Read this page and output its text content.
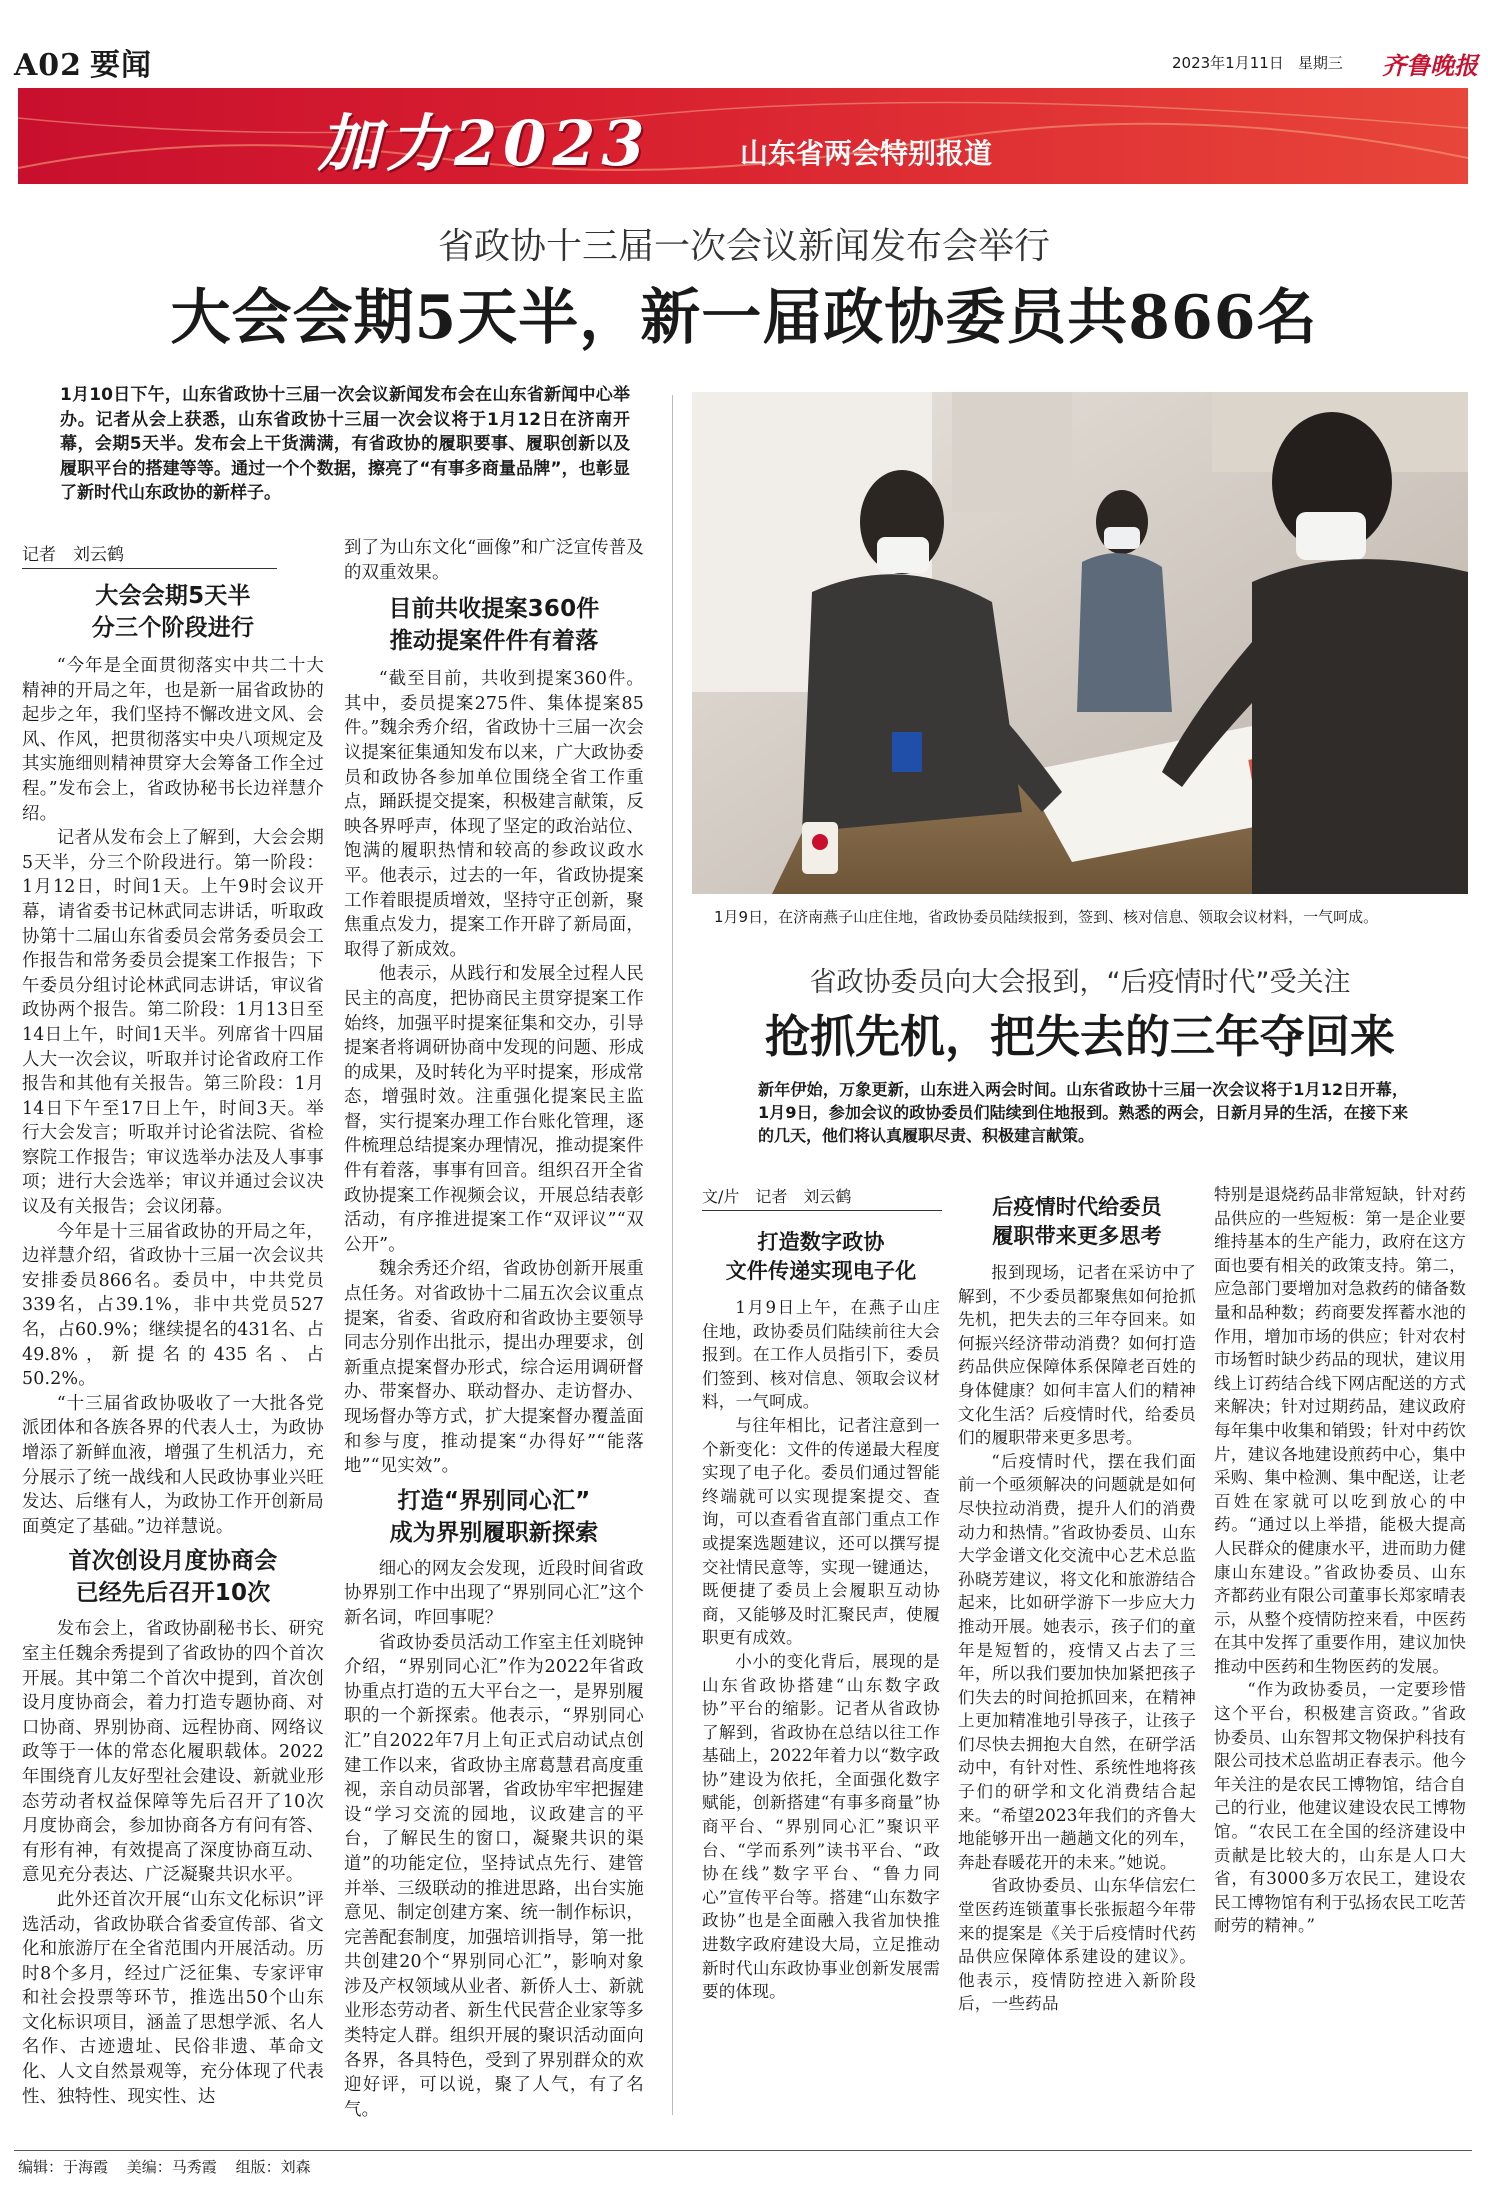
A02 要闻	2023年1月11日 星期三 齐鲁晚报
加力2023	山东省两会特别报道
省政协十三届一次会议新闻发布会举行
大会会期5天半，新一届政协委员共866名
1月10日下午，山东省政协十三届一次会议新闻发布会在山东省新闻中心举办。记者从会上获悉，山东省政协十三届一次会议将于1月12日在济南开幕，会期5天半。发布会上干货满满，有省政协的履职要事、履职创新以及履职平台的搭建等等。通过一个个数据，擦亮了“有事多商量品牌”，也彰显了新时代山东政协的新样子。
记者　刘云鹤
大会会期5天半
分三个阶段进行

“今年是全面贯彻落实中共二十大精神的开局之年，也是新一届省政协的起步之年，我们坚持不懈改进文风、会风、作风，把贯彻落实中央八项规定及其实施细则精神贯穿大会筹备工作全过程。”发布会上，省政协秘书长边祥慧介绍。

记者从发布会上了解到，大会会期5天半，分三个阶段进行。第一阶段：1月12日，时间1天。上午9时会议开幕，请省委书记林武同志讲话，听取政协第十二届山东省委员会常务委员会工作报告和常务委员会提案工作报告；下午委员分组讨论林武同志讲话，审议省政协两个报告。第二阶段：1月13日至14日上午，时间1天半。列席省十四届人大一次会议，听取并讨论省政府工作报告和其他有关报告。第三阶段：1月14日下午至17日上午，时间3天。举行大会发言；听取并讨论省法院、省检察院工作报告；审议选举办法及人事事项；进行大会选举；审议并通过会议决议及有关报告；会议闭幕。

今年是十三届省政协的开局之年，边祥慧介绍，省政协十三届一次会议共安排委员866名。委员中，中共党员339名，占39.1%，非中共党员527名，占60.9%；继续提名的431名、占49.8%，新提名的435名、占50.2%。

“十三届省政协吸收了一大批各党派团体和各族各界的代表人士，为政协增添了新鲜血液，增强了生机活力，充分展示了统一战线和人民政协事业兴旺发达、后继有人，为政协工作开创新局面奠定了基础。”边祥慧说。

首次创设月度协商会
已经先后召开10次

发布会上，省政协副秘书长、研究室主任魏余秀提到了省政协的四个首次开展。其中第二个首次中提到，首次创设月度协商会，着力打造专题协商、对口协商、界别协商、远程协商、网络议政等于一体的常态化履职载体。2022年围绕育儿友好型社会建设、新就业形态劳动者权益保障等先后召开了10次月度协商会，参加协商各方有问有答、有形有神，有效提高了深度协商互动、意见充分表达、广泛凝聚共识水平。

此外还首次开展“山东文化标识”评选活动，省政协联合省委宣传部、省文化和旅游厅在全省范围内开展活动。历时8个多月，经过广泛征集、专家评审和社会投票等环节，推选出50个山东文化标识项目，涵盖了思想学派、名人名作、古迹遗址、民俗非遗、革命文化、人文自然景观等，充分体现了代表性、独特性、现实性、达

到了为山东文化“画像”和广泛宣传普及的双重效果。

目前共收提案360件
推动提案件件有着落

“截至目前，共收到提案360件。其中，委员提案275件、集体提案85件。”魏余秀介绍，省政协十三届一次会议提案征集通知发布以来，广大政协委员和政协各参加单位围绕全省工作重点，踊跃提交提案，积极建言献策，反映各界呼声，体现了坚定的政治站位、饱满的履职热情和较高的参政议政水平。他表示，过去的一年，省政协提案工作着眼提质增效，坚持守正创新，聚焦重点发力，提案工作开辟了新局面，取得了新成效。

他表示，从践行和发展全过程人民民主的高度，把协商民主贯穿提案工作始终，加强平时提案征集和交办，引导提案者将调研协商中发现的问题、形成的成果，及时转化为平时提案，形成常态，增强时效。注重强化提案民主监督，实行提案办理工作台账化管理，逐件梳理总结提案办理情况，推动提案件件有着落，事事有回音。组织召开全省政协提案工作视频会议，开展总结表彰活动，有序推进提案工作“双评议”“双公开”。

魏余秀还介绍，省政协创新开展重点任务。对省政协十二届五次会议重点提案，省委、省政府和省政协主要领导同志分别作出批示，提出办理要求，创新重点提案督办形式，综合运用调研督办、带案督办、联动督办、走访督办、现场督办等方式，扩大提案督办覆盖面和参与度，推动提案“办得好”“能落地”“见实效”。

打造“界别同心汇”
成为界别履职新探索

细心的网友会发现，近段时间省政协界别工作中出现了“界别同心汇”这个新名词，咋回事呢？

省政协委员活动工作室主任刘晓钟介绍，“界别同心汇”作为2022年省政协重点打造的五大平台之一，是界别履职的一个新探索。他表示，“界别同心汇”自2022年7月上旬正式启动试点创建工作以来，省政协主席葛慧君高度重视，亲自动员部署，省政协牢牢把握建设“学习交流的园地，议政建言的平台，了解民生的窗口，凝聚共识的渠道”的功能定位，坚持试点先行、建管并举、三级联动的推进思路，出台实施意见、制定创建方案、统一制作标识，完善配套制度，加强培训指导，第一批共创建20个“界别同心汇”，影响对象涉及产权领域从业者、新侨人士、新就业形态劳动者、新生代民营企业家等多类特定人群。组织开展的聚识活动面向各界，各具特色，受到了界别群众的欢迎好评，可以说，聚了人气，有了名气。

1月9日，在济南燕子山庄住地，省政协委员陆续报到，签到、核对信息、领取会议材料，一气呵成。
省政协委员向大会报到，“后疫情时代”受关注
抢抓先机，把失去的三年夺回来
新年伊始，万象更新，山东进入两会时间。山东省政协十三届一次会议将于1月12日开幕，1月9日，参加会议的政协委员们陆续到住地报到。熟悉的两会，日新月异的生活，在接下来的几天，他们将认真履职尽责、积极建言献策。
文/片　记者　刘云鹤
打造数字政协
文件传递实现电子化

1月9日上午，在燕子山庄住地，政协委员们陆续前往大会报到。在工作人员指引下，委员们签到、核对信息、领取会议材料，一气呵成。

与往年相比，记者注意到一个新变化：文件的传递最大程度实现了电子化。委员们通过智能终端就可以实现提案提交、查询，可以查看省直部门重点工作或提案选题建议，还可以撰写提交社情民意等，实现一键通达，既便捷了委员上会履职互动协商，又能够及时汇聚民声，使履职更有成效。

小小的变化背后，展现的是山东省政协搭建“山东数字政协”平台的缩影。记者从省政协了解到，省政协在总结以往工作基础上，2022年着力以“数字政协”建设为依托，全面强化数字赋能，创新搭建“有事多商量”协商平台、“界别同心汇”聚识平台、“学而系列”读书平台、“政协在线”数字平台、“鲁力同心”宣传平台等。搭建“山东数字政协”也是全面融入我省加快推进数字政府建设大局，立足推动新时代山东政协事业创新发展需要的体现。

后疫情时代给委员
履职带来更多思考

报到现场，记者在采访中了解到，不少委员都聚焦如何抢抓先机，把失去的三年夺回来。如何振兴经济带动消费？如何打造药品供应保障体系保障老百姓的身体健康？如何丰富人们的精神文化生活？后疫情时代，给委员们的履职带来更多思考。

“后疫情时代，摆在我们面前一个亟须解决的问题就是如何尽快拉动消费，提升人们的消费动力和热情。”省政协委员、山东大学金谱文化交流中心艺术总监孙晓芳建议，将文化和旅游结合起来，比如研学游下一步应大力推动开展。她表示，孩子们的童年是短暂的，疫情又占去了三年，所以我们要加快加紧把孩子们失去的时间抢抓回来，在精神上更加精准地引导孩子，让孩子们尽快去拥抱大自然，在研学活动中，有针对性、系统性地将孩子们的研学和文化消费结合起来。“希望2023年我们的齐鲁大地能够开出一趟趟文化的列车，奔赴春暖花开的未来。”她说。

省政协委员、山东华信宏仁堂医药连锁董事长张振超今年带来的提案是《关于后疫情时代药品供应保障体系建设的建议》。他表示，疫情防控进入新阶段后，一些药品

特别是退烧药品非常短缺，针对药品供应的一些短板：第一是企业要维持基本的生产能力，政府在这方面也要有相关的政策支持。第二，应急部门要增加对急救药的储备数量和品种数；药商要发挥蓄水池的作用，增加市场的供应；针对农村市场暂时缺少药品的现状，建议用线上订药结合线下网店配送的方式来解决；针对过期药品，建议政府每年集中收集和销毁；针对中药饮片，建议各地建设煎药中心，集中采购、集中检测、集中配送，让老百姓在家就可以吃到放心的中药。“通过以上举措，能极大提高人民群众的健康水平，进而助力健康山东建设。”省政协委员、山东齐都药业有限公司董事长郑家晴表示，从整个疫情防控来看，中医药在其中发挥了重要作用，建议加快推动中医药和生物医药的发展。

“作为政协委员，一定要珍惜这个平台，积极建言资政。”省政协委员、山东智邦文物保护科技有限公司技术总监胡正春表示。他今年关注的是农民工博物馆，结合自己的行业，他建议建设农民工博物馆。“农民工在全国的经济建设中贡献是比较大的，山东是人口大省，有3000多万农民工，建设农民工博物馆有利于弘扬农民工吃苦耐劳的精神。”

编辑：于海霞 美编：马秀霞 组版：刘森
